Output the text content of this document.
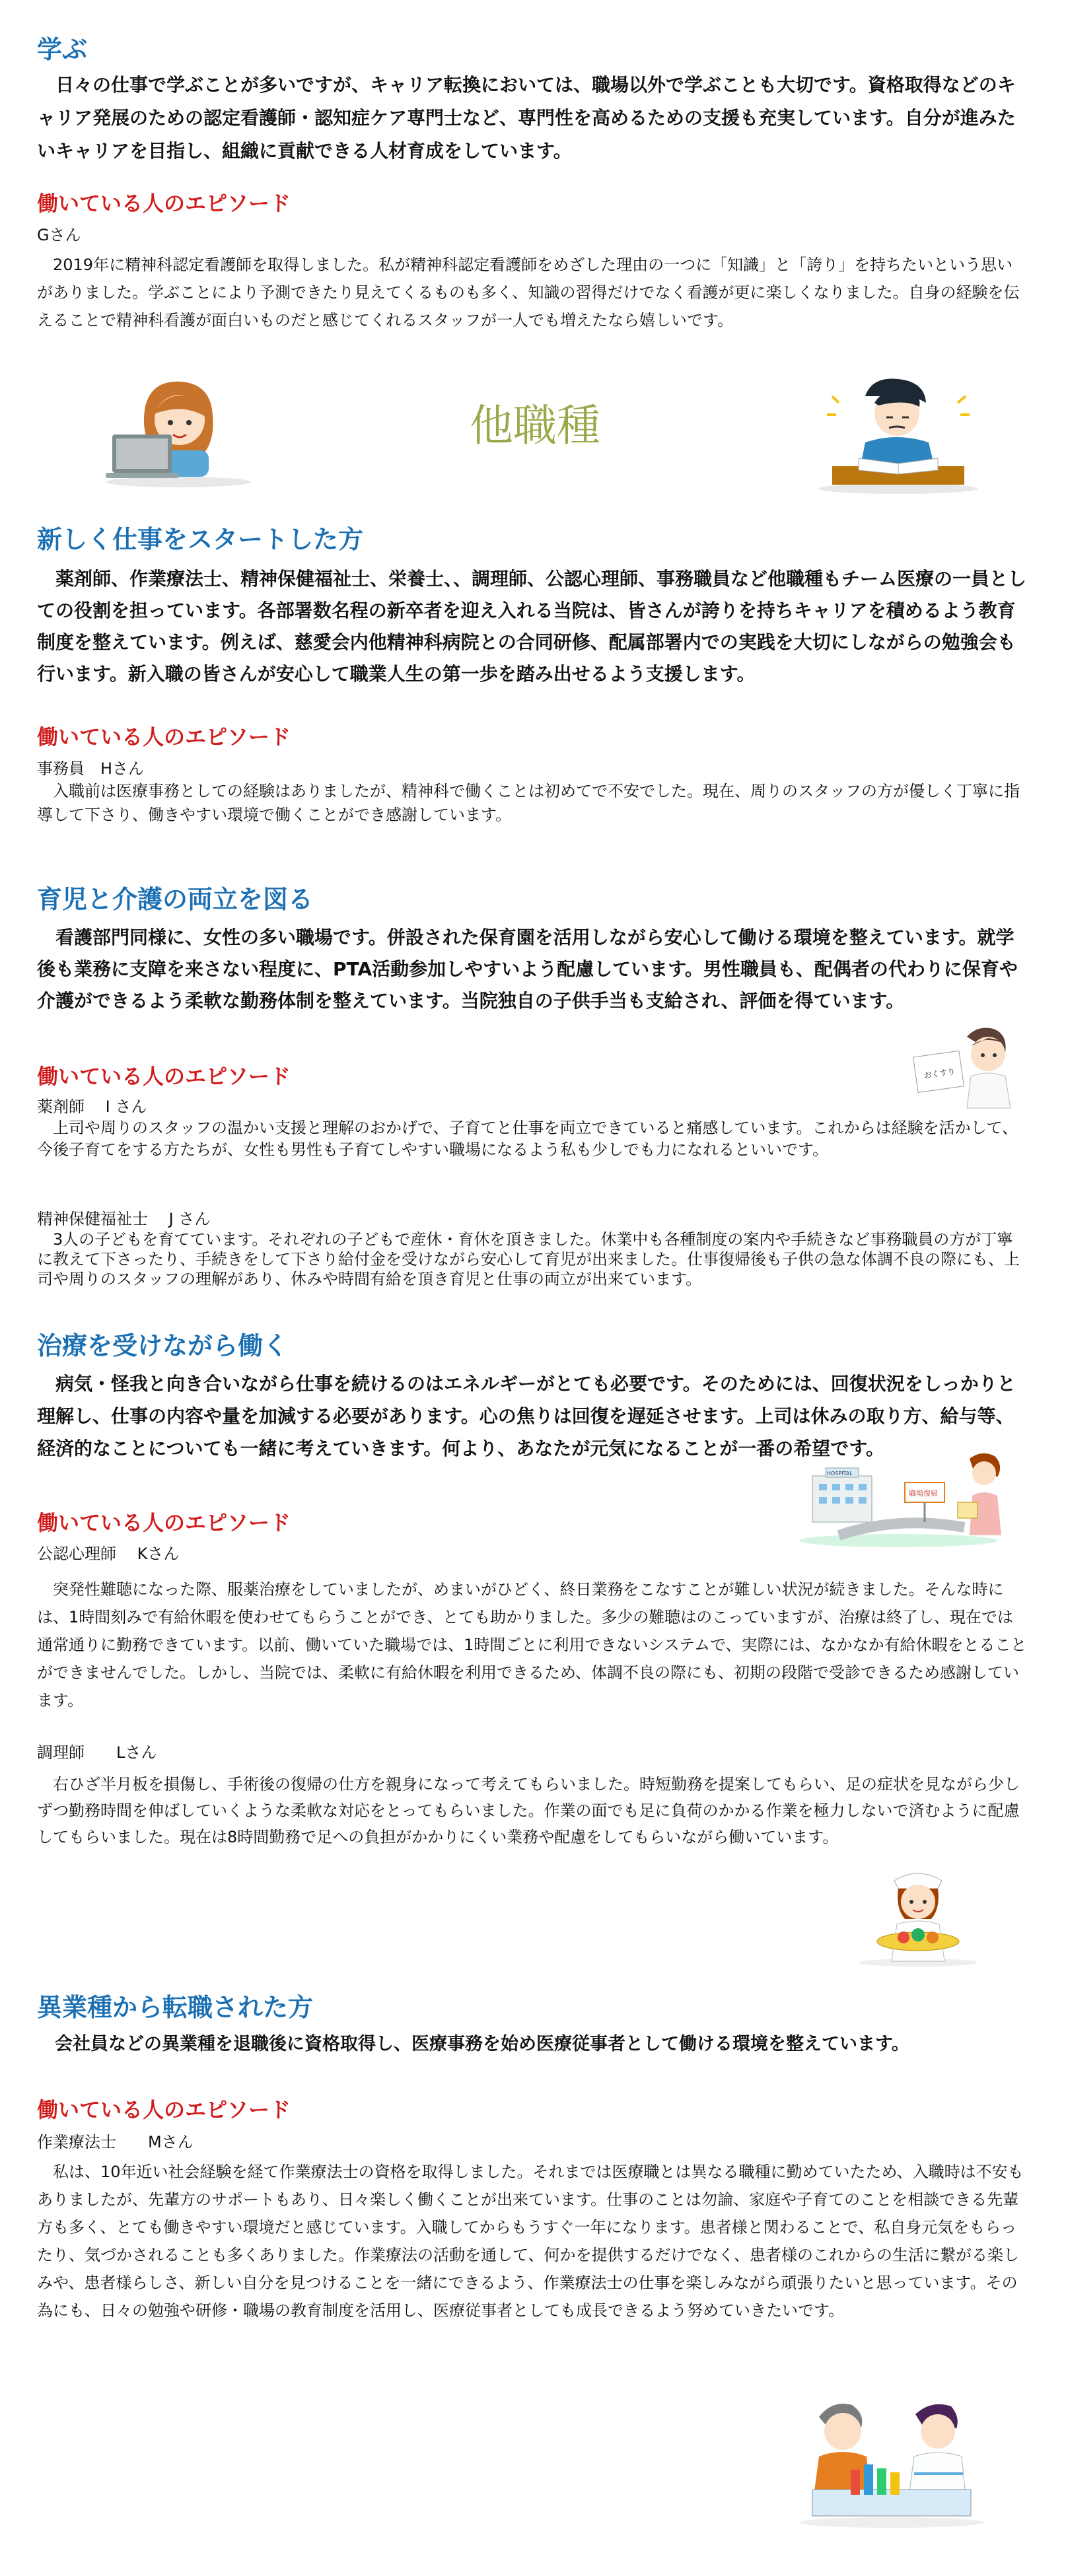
学ぶ

　日々の仕事で学ぶことが多いですが、キャリア転換においては、職場以外で学ぶことも大切です。資格取得などのキャリア発展のための認定看護師・認知症ケア専門士など、専門性を高めるための支援も充実しています。自分が進みたいキャリアを目指し、組織に貢献できる人材育成をしています。

働いている人のエピソード
Gさん

　2019年に精神科認定看護師を取得しました。私が精神科認定看護師をめざした理由の一つに「知識」と「誇り」を持ちたいという思いがありました。学ぶことにより予測できたり見えてくるものも多く、知識の習得だけでなく看護が更に楽しくなりました。自身の経験を伝えることで精神科看護が面白いものだと感じてくれるスタッフが一人でも増えたなら嬉しいです。

他職種
新しく仕事をスタートした方

　薬剤師、作業療法士、精神保健福祉士、栄養士、、調理師、公認心理師、事務職員など他職種もチーム医療の一員としての役割を担っています。各部署数名程の新卒者を迎え入れる当院は、皆さんが誇りを持ちキャリアを積めるよう教育制度を整えています。例えば、慈愛会内他精神科病院との合同研修、配属部署内での実践を大切にしながらの勉強会も行います。新入職の皆さんが安心して職業人生の第一歩を踏み出せるよう支援します。

働いている人のエピソード
事務員　Hさん

　入職前は医療事務としての経験はありましたが、精神科で働くことは初めてで不安でした。現在、周りのスタッフの方が優しく丁寧に指導して下さり、働きやすい環境で働くことができ感謝しています。

育児と介護の両立を図る

　看護部門同様に、女性の多い職場です。併設された保育園を活用しながら安心して働ける環境を整えています。就学後も業務に支障を来さない程度に、PTA活動参加しやすいよう配慮しています。男性職員も、配偶者の代わりに保育や介護ができるよう柔軟な勤務体制を整えています。当院独自の子供手当も支給され、評価を得ています。

働いている人のエピソード	おくすり
薬剤師　 I さん

　上司や周りのスタッフの温かい支援と理解のおかげで、子育てと仕事を両立できていると痛感しています。これからは経験を活かして、今後子育てをする方たちが、女性も男性も子育てしやすい職場になるよう私も少しでも力になれるといいです。

精神保健福祉士　 J さん

　3人の子どもを育てています。それぞれの子どもで産休・育休を頂きました。休業中も各種制度の案内や手続きなど事務職員の方が丁寧に教えて下さったり、手続きをして下さり給付金を受けながら安心して育児が出来ました。仕事復帰後も子供の急な体調不良の際にも、上司や周りのスタッフの理解があり、休みや時間有給を頂き育児と仕事の両立が出来ています。

治療を受けながら働く

　病気・怪我と向き合いながら仕事を続けるのはエネルギーがとても必要です。そのためには、回復状況をしっかりと理解し、仕事の内容や量を加減する必要があります。心の焦りは回復を遅延させます。上司は休みの取り方、給与等、経済的なことについても一緒に考えていきます。何より、あなたが元気になることが一番の希望です。

HOSPITAL
職場復帰
働いている人のエピソード
公認心理師　 Kさん

　突発性難聴になった際、服薬治療をしていましたが、めまいがひどく、終日業務をこなすことが難しい状況が続きました。そんな時には、1時間刻みで有給休暇を使わせてもらうことができ、とても助かりました。多少の難聴はのこっていますが、治療は終了し、現在では通常通りに勤務できています。以前、働いていた職場では、1時間ごとに利用できないシステムで、実際には、なかなか有給休暇をとることができませんでした。しかし、当院では、柔軟に有給休暇を利用できるため、体調不良の際にも、初期の段階で受診できるため感謝しています。

調理師　　Lさん

　右ひざ半月板を損傷し、手術後の復帰の仕方を親身になって考えてもらいました。時短勤務を提案してもらい、足の症状を見ながら少しずつ勤務時間を伸ばしていくような柔軟な対応をとってもらいました。作業の面でも足に負荷のかかる作業を極力しないで済むように配慮してもらいました。現在は8時間勤務で足への負担がかかりにくい業務や配慮をしてもらいながら働いています。

異業種から転職された方

　会社員などの異業種を退職後に資格取得し、医療事務を始め医療従事者として働ける環境を整えています。

働いている人のエピソード
作業療法士　　Mさん

　私は、10年近い社会経験を経て作業療法士の資格を取得しました。それまでは医療職とは異なる職種に勤めていたため、入職時は不安もありましたが、先輩方のサポートもあり、日々楽しく働くことが出来ています。仕事のことは勿論、家庭や子育てのことを相談できる先輩方も多く、とても働きやすい環境だと感じています。入職してからもうすぐ一年になります。患者様と関わることで、私自身元気をもらったり、気づかされることも多くありました。作業療法の活動を通して、何かを提供するだけでなく、患者様のこれからの生活に繋がる楽しみや、患者様らしさ、新しい自分を見つけることを一緒にできるよう、作業療法士の仕事を楽しみながら頑張りたいと思っています。その為にも、日々の勉強や研修・職場の教育制度を活用し、医療従事者としても成長できるよう努めていきたいです。
